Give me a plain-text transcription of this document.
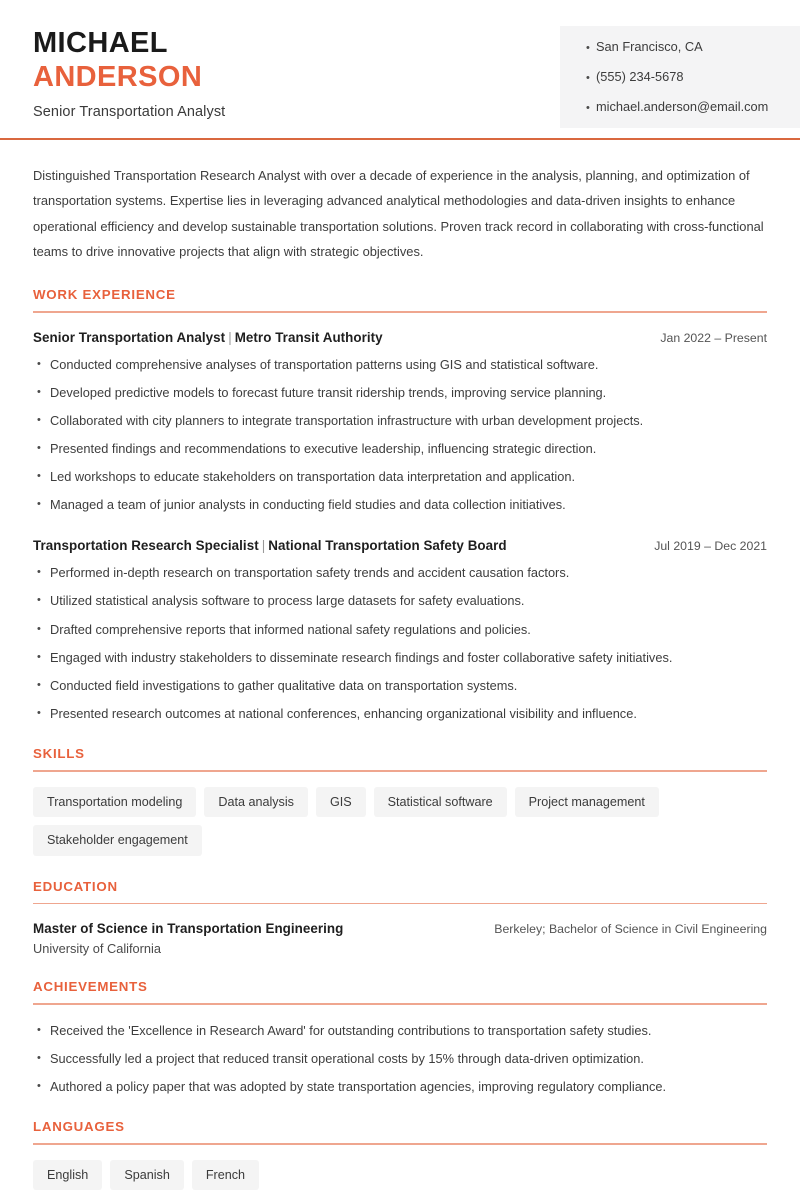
MICHAEL
ANDERSON
Senior Transportation Analyst
• San Francisco, CA
• (555) 234-5678
• michael.anderson@email.com

Distinguished Transportation Research Analyst with over a decade of experience in the analysis, planning, and optimization of transportation systems. Expertise lies in leveraging advanced analytical methodologies and data-driven insights to enhance operational efficiency and develop sustainable transportation solutions. Proven track record in collaborating with cross-functional teams to drive innovative projects that align with strategic objectives.

WORK EXPERIENCE
Senior Transportation Analyst | Metro Transit Authority	Jan 2022 – Present
• Conducted comprehensive analyses of transportation patterns using GIS and statistical software.
• Developed predictive models to forecast future transit ridership trends, improving service planning.
• Collaborated with city planners to integrate transportation infrastructure with urban development projects.
• Presented findings and recommendations to executive leadership, influencing strategic direction.
• Led workshops to educate stakeholders on transportation data interpretation and application.
• Managed a team of junior analysts in conducting field studies and data collection initiatives.
Transportation Research Specialist | National Transportation Safety Board	Jul 2019 – Dec 2021
• Performed in-depth research on transportation safety trends and accident causation factors.
• Utilized statistical analysis software to process large datasets for safety evaluations.
• Drafted comprehensive reports that informed national safety regulations and policies.
• Engaged with industry stakeholders to disseminate research findings and foster collaborative safety initiatives.
• Conducted field investigations to gather qualitative data on transportation systems.
• Presented research outcomes at national conferences, enhancing organizational visibility and influence.
SKILLS
Transportation modeling	Data analysis	GIS	Statistical software	Project management
Stakeholder engagement
EDUCATION
Master of Science in Transportation Engineering	Berkeley; Bachelor of Science in Civil Engineering
University of California
ACHIEVEMENTS
• Received the 'Excellence in Research Award' for outstanding contributions to transportation safety studies.
• Successfully led a project that reduced transit operational costs by 15% through data-driven optimization.
• Authored a policy paper that was adopted by state transportation agencies, improving regulatory compliance.
LANGUAGES
English	Spanish	French
